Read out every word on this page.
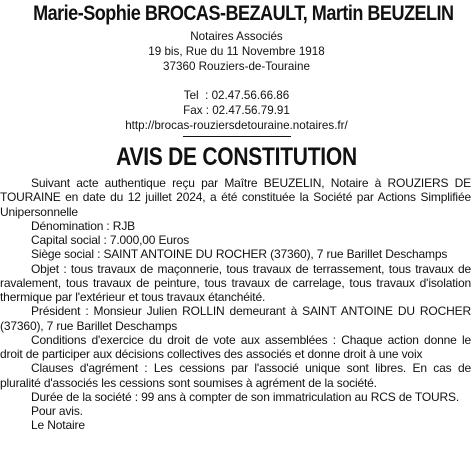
Marie-Sophie BROCAS-BEZAULT, Martin BEUZELIN
Notaires Associés
19 bis, Rue du 11 Novembre 1918
37360 Rouziers-de-Touraine
Tel  : 02.47.56.66.86
Fax : 02.47.56.79.91
http://brocas-rouziersdetouraine.notaires.fr/
AVIS DE CONSTITUTION

Suivant acte authentique reçu par Maître BEUZELIN, Notaire à ROUZIERS DE TOURAINE en date du 12 juillet 2024, a été constituée la Société par Actions Simplifiée Unipersonnelle

Dénomination : RJB

Capital social : 7.000,00 Euros

Siège social : SAINT ANTOINE DU ROCHER (37360), 7 rue Barillet Deschamps

Objet : tous travaux de maçonnerie, tous travaux de terrassement, tous travaux de ravalement, tous travaux de peinture, tous travaux de carrelage, tous travaux d'isolation thermique par l'extérieur et tous travaux étanchéité.

Président : Monsieur Julien ROLLIN demeurant à SAINT ANTOINE DU ROCHER (37360), 7 rue Barillet Deschamps

Conditions d'exercice du droit de vote aux assemblées : Chaque action donne le droit de participer aux décisions collectives des associés et donne droit à une voix

Clauses d'agrément : Les cessions par l'associé unique sont libres. En cas de pluralité d'associés les cessions sont soumises à agrément de la société.

Durée de la société : 99 ans à compter de son immatriculation au RCS de TOURS.

Pour avis.

Le Notaire
